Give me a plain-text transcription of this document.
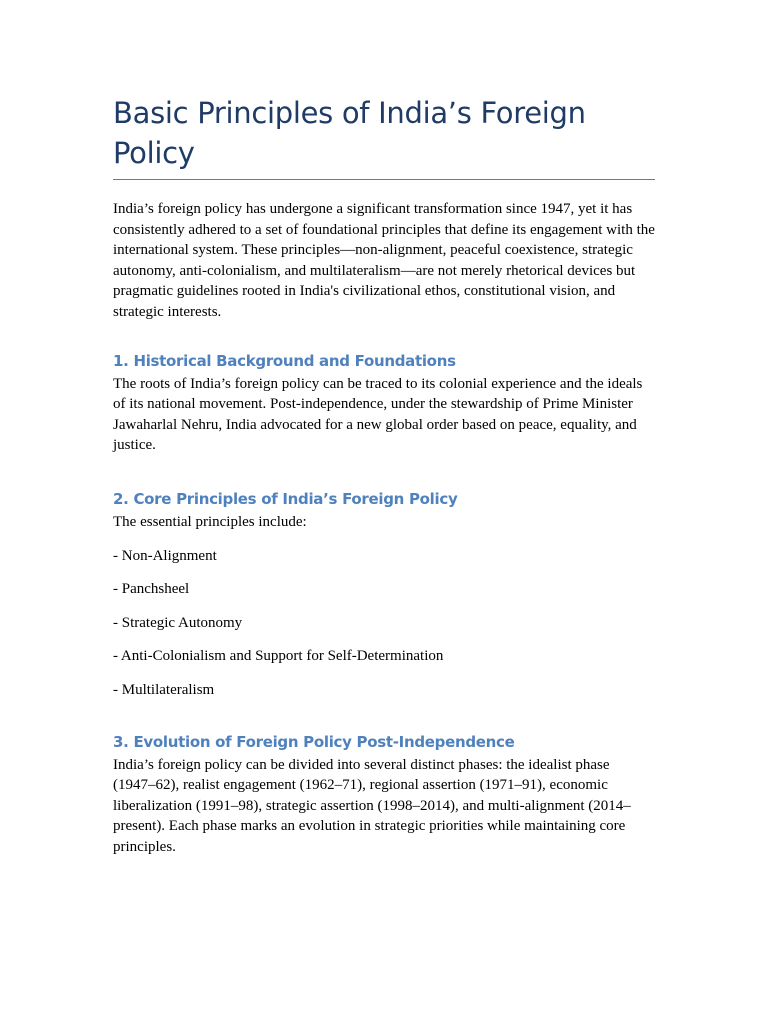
Basic Principles of India’s Foreign Policy

India’s foreign policy has undergone a significant transformation since 1947, yet it has consistently adhered to a set of foundational principles that define its engagement with the international system. These principles—non-alignment, peaceful coexistence, strategic autonomy, anti-colonialism, and multilateralism—are not merely rhetorical devices but pragmatic guidelines rooted in India's civilizational ethos, constitutional vision, and strategic interests.

1. Historical Background and Foundations

The roots of India’s foreign policy can be traced to its colonial experience and the ideals of its national movement. Post-independence, under the stewardship of Prime Minister Jawaharlal Nehru, India advocated for a new global order based on peace, equality, and justice.

2. Core Principles of India’s Foreign Policy

The essential principles include:

- Non-Alignment
- Panchsheel
- Strategic Autonomy
- Anti-Colonialism and Support for Self-Determination
- Multilateralism
3. Evolution of Foreign Policy Post-Independence

India’s foreign policy can be divided into several distinct phases: the idealist phase (1947–62), realist engagement (1962–71), regional assertion (1971–91), economic liberalization (1991–98), strategic assertion (1998–2014), and multi-alignment (2014–present). Each phase marks an evolution in strategic priorities while maintaining core principles.
